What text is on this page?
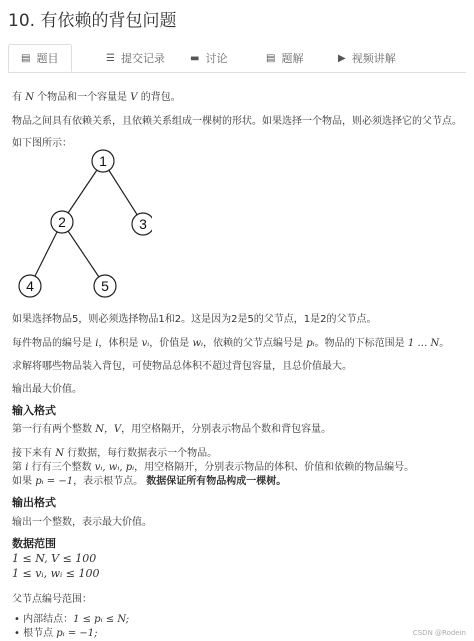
10. 有依赖的背包问题
▤ 题目	☰ 提交记录	▬ 讨论	▤ 题解	▶ 视频讲解
有 N 个物品和一个容量是 V 的背包。
物品之间具有依赖关系，且依赖关系组成一棵树的形状。如果选择一个物品，则必须选择它的父节点。
如下图所示：
1
2	3
4	5
如果选择物品5，则必须选择物品1和2。这是因为2是5的父节点，1是2的父节点。
每件物品的编号是 i，体积是 vᵢ，价值是 wᵢ，依赖的父节点编号是 pᵢ。物品的下标范围是 1 … N。
求解将哪些物品装入背包，可使物品总体积不超过背包容量，且总价值最大。
输出最大价值。
输入格式
第一行有两个整数 N，V，用空格隔开，分别表示物品个数和背包容量。
接下来有 N 行数据，每行数据表示一个物品。
第 i 行有三个整数 vᵢ, wᵢ, pᵢ，用空格隔开，分别表示物品的体积、价值和依赖的物品编号。
如果 pᵢ = −1，表示根节点。 数据保证所有物品构成一棵树。
输出格式
输出一个整数，表示最大价值。
数据范围
1 ≤ N, V ≤ 100
1 ≤ vᵢ, wᵢ ≤ 100
父节点编号范围：
• 内部结点：1 ≤ pᵢ ≤ N;
• 根节点 pᵢ = −1;	CSDN @Rodein
